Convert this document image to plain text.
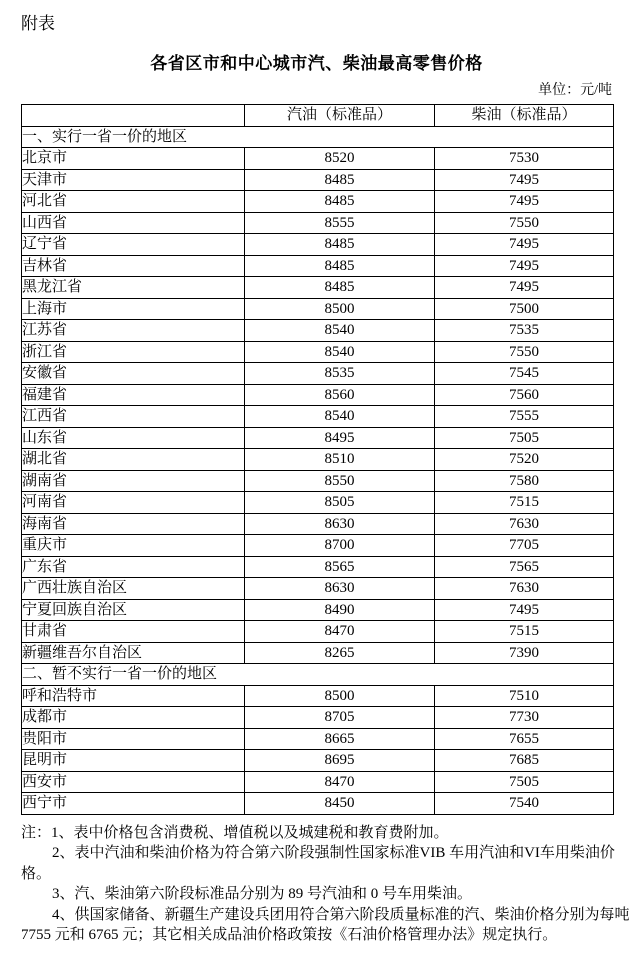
附表
各省区市和中心城市汽、柴油最高零售价格
单位：元/吨
	汽油（标准品）	柴油（标准品）
一、实行一省一价的地区		
北京市	8520	7530
天津市	8485	7495
河北省	8485	7495
山西省	8555	7550
辽宁省	8485	7495
吉林省	8485	7495
黑龙江省	8485	7495
上海市	8500	7500
江苏省	8540	7535
浙江省	8540	7550
安徽省	8535	7545
福建省	8560	7560
江西省	8540	7555
山东省	8495	7505
湖北省	8510	7520
湖南省	8550	7580
河南省	8505	7515
海南省	8630	7630
重庆市	8700	7705
广东省	8565	7565
广西壮族自治区	8630	7630
宁夏回族自治区	8490	7495
甘肃省	8470	7515
新疆维吾尔自治区	8265	7390
二、暂不实行一省一价的地区		
呼和浩特市	8500	7510
成都市	8705	7730
贵阳市	8665	7655
昆明市	8695	7685
西安市	8470	7505
西宁市	8450	7540
注：1、表中价格包含消费税、增值税以及城建税和教育费附加。
2、表中汽油和柴油价格为符合第六阶段强制性国家标准VIB 车用汽油和VI车用柴油价
格。
3、汽、柴油第六阶段标准品分别为 89 号汽油和 0 号车用柴油。
4、供国家储备、新疆生产建设兵团用符合第六阶段质量标准的汽、柴油价格分别为每吨
7755 元和 6765 元；其它相关成品油价格政策按《石油价格管理办法》规定执行。
